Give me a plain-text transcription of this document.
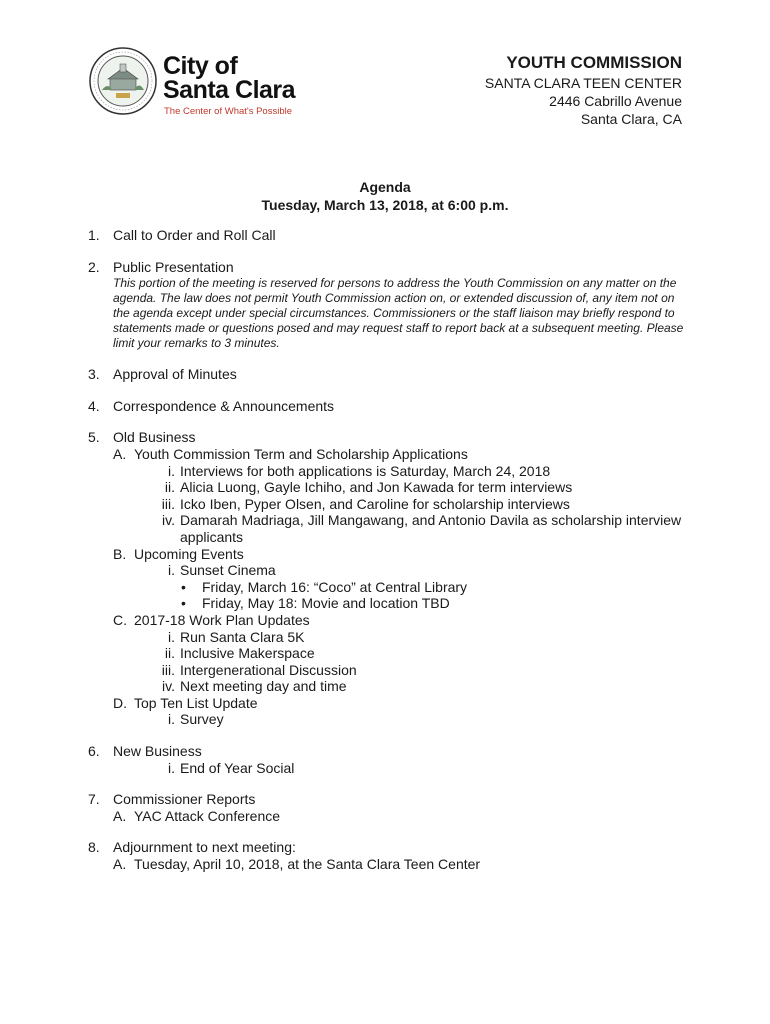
City of
Santa Clara
The Center of What's Possible
YOUTH COMMISSION
SANTA CLARA TEEN CENTER
2446 Cabrillo Avenue
Santa Clara, CA
Agenda
Tuesday, March 13, 2018, at 6:00 p.m.
1. Call to Order and Roll Call
2. Public Presentation
This portion of the meeting is reserved for persons to address the Youth Commission on any matter on the agenda. The law does not permit Youth Commission action on, or extended discussion of, any item not on the agenda except under special circumstances. Commissioners or the staff liaison may briefly respond to statements made or questions posed and may request staff to report back at a subsequent meeting. Please limit your remarks to 3 minutes.
3. Approval of Minutes
4. Correspondence & Announcements
5. Old Business
A. Youth Commission Term and Scholarship Applications
i. Interviews for both applications is Saturday, March 24, 2018
ii. Alicia Luong, Gayle Ichiho, and Jon Kawada for term interviews
iii. Icko Iben, Pyper Olsen, and Caroline for scholarship interviews
iv. Damarah Madriaga, Jill Mangawang, and Antonio Davila as scholarship interview applicants
B. Upcoming Events
i. Sunset Cinema
• Friday, March 16: “Coco” at Central Library
• Friday, May 18: Movie and location TBD
C. 2017-18 Work Plan Updates
i. Run Santa Clara 5K
ii. Inclusive Makerspace
iii. Intergenerational Discussion
iv. Next meeting day and time
D. Top Ten List Update
i. Survey
6. New Business
i. End of Year Social
7. Commissioner Reports
A. YAC Attack Conference
8. Adjournment to next meeting:
A. Tuesday, April 10, 2018, at the Santa Clara Teen Center
